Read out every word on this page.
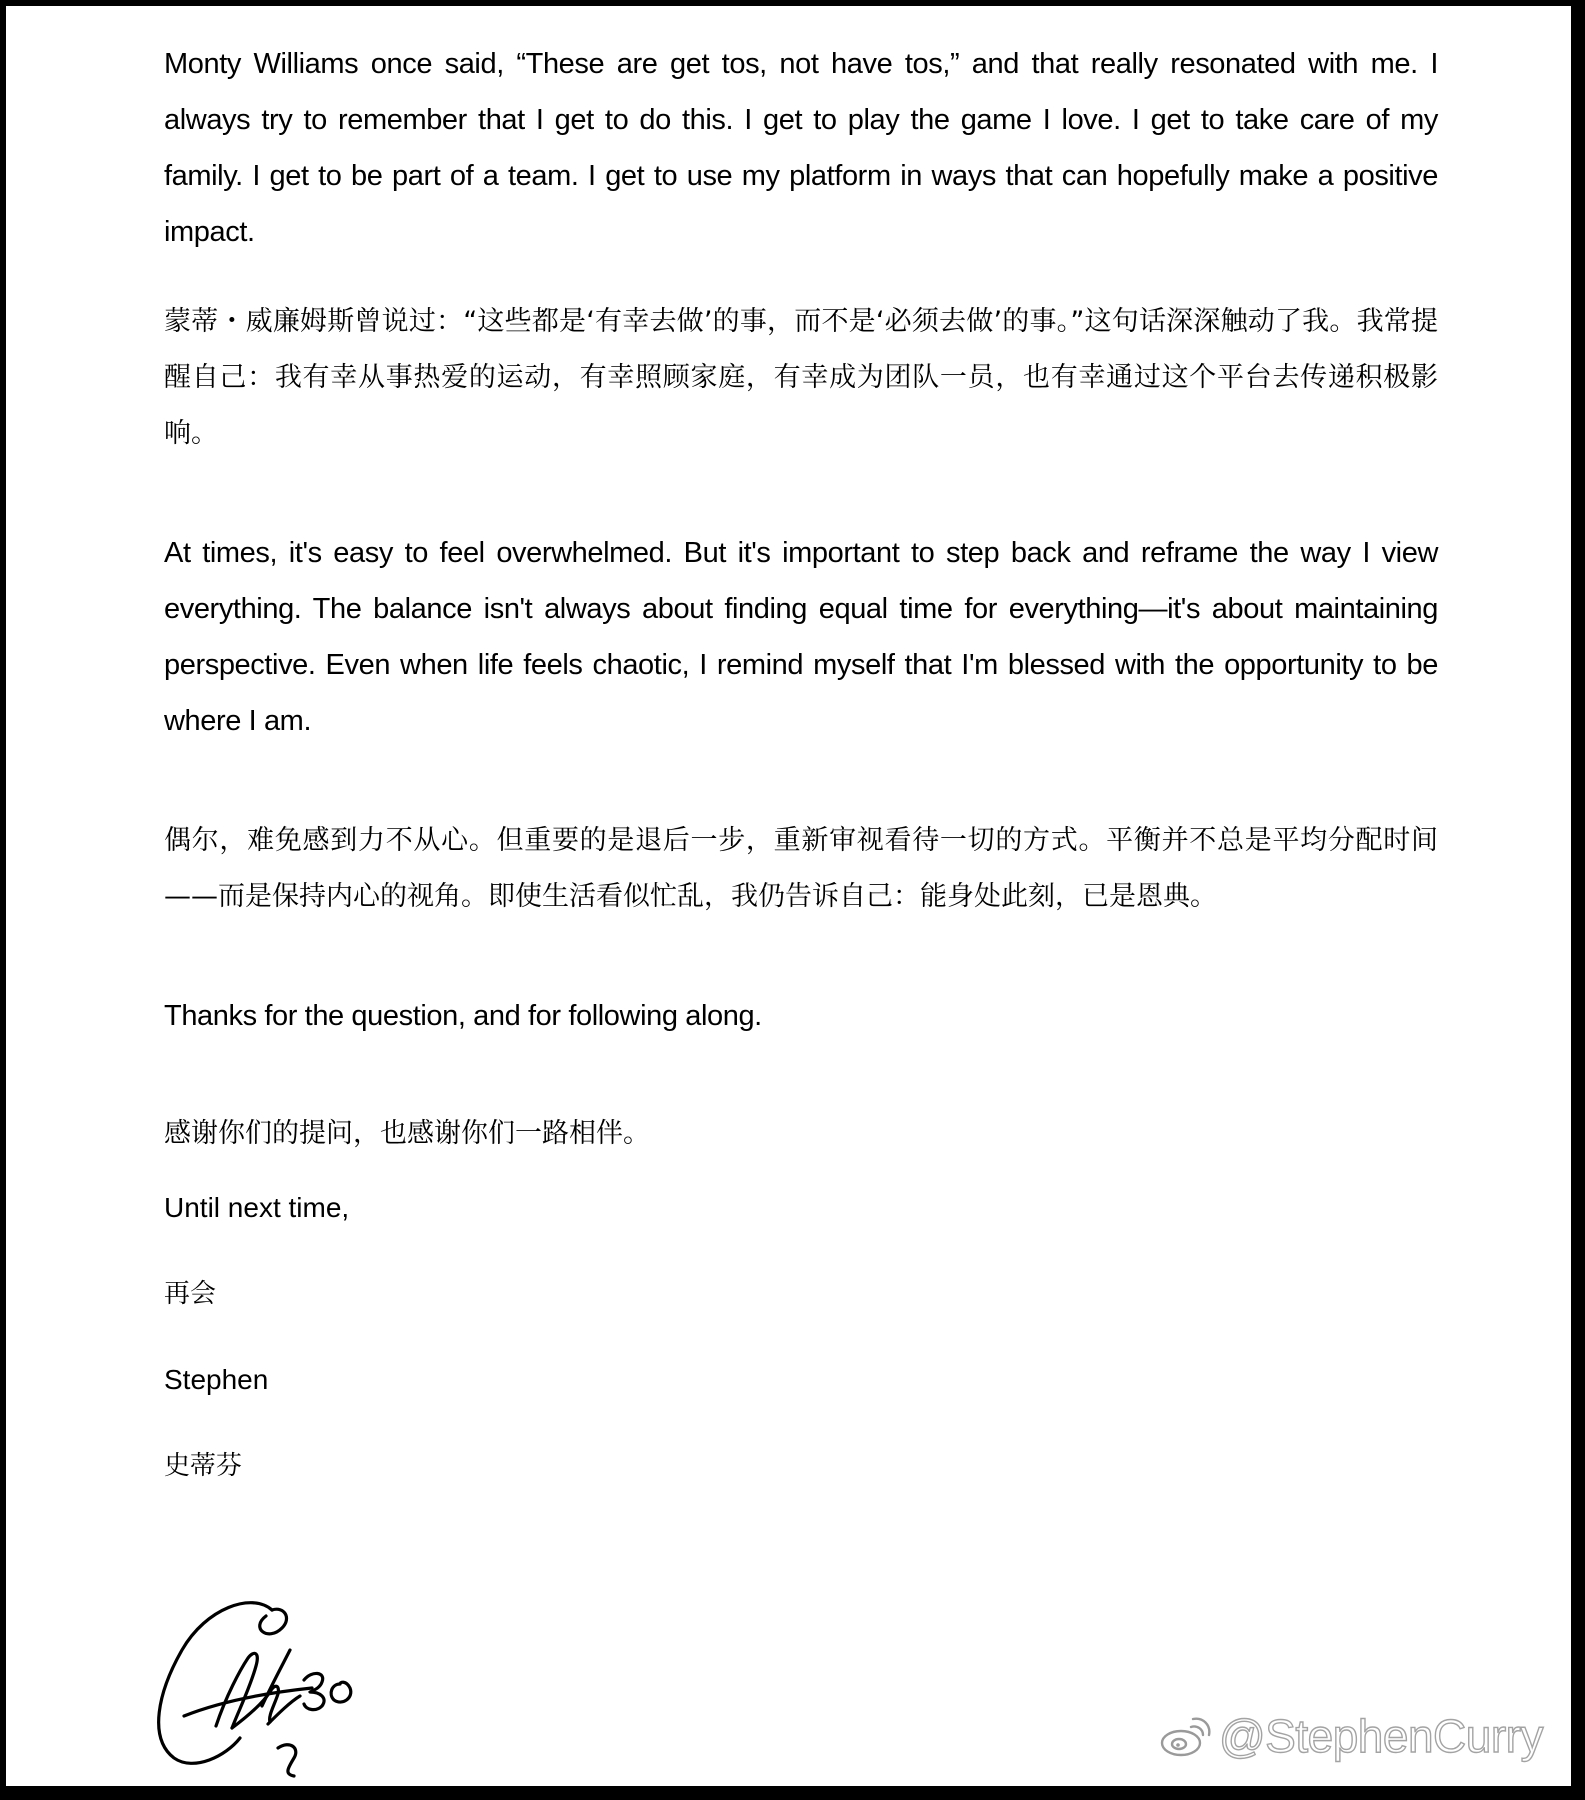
Monty Williams once said, “These are get tos, not have tos,” and that really resonated with me. I always try to remember that I get to do this. I get to play the game I love. I get to take care of my family. I get to be part of a team. I get to use my platform in ways that can hopefully make a positive impact.

蒙蒂・威廉姆斯曾说过：“这些都是‘有幸去做’的事，而不是‘必须去做’的事。”这句话深深触动了我。我常提醒自己：我有幸从事热爱的运动，有幸照顾家庭，有幸成为团队一员，也有幸通过这个平台去传递积极影响。

At times, it's easy to feel overwhelmed. But it's important to step back and reframe the way I view everything. The balance isn't always about finding equal time for everything—it's about maintaining perspective. Even when life feels chaotic, I remind myself that I'm blessed with the opportunity to be where I am.

偶尔，难免感到力不从心。但重要的是退后一步，重新审视看待一切的方式。平衡并不总是平均分配时间——而是保持内心的视角。即使生活看似忙乱，我仍告诉自己：能身处此刻，已是恩典。

Thanks for the question, and for following along.

感谢你们的提问，也感谢你们一路相伴。

Until next time,

再会

Stephen

史蒂芬

@StephenCurry
